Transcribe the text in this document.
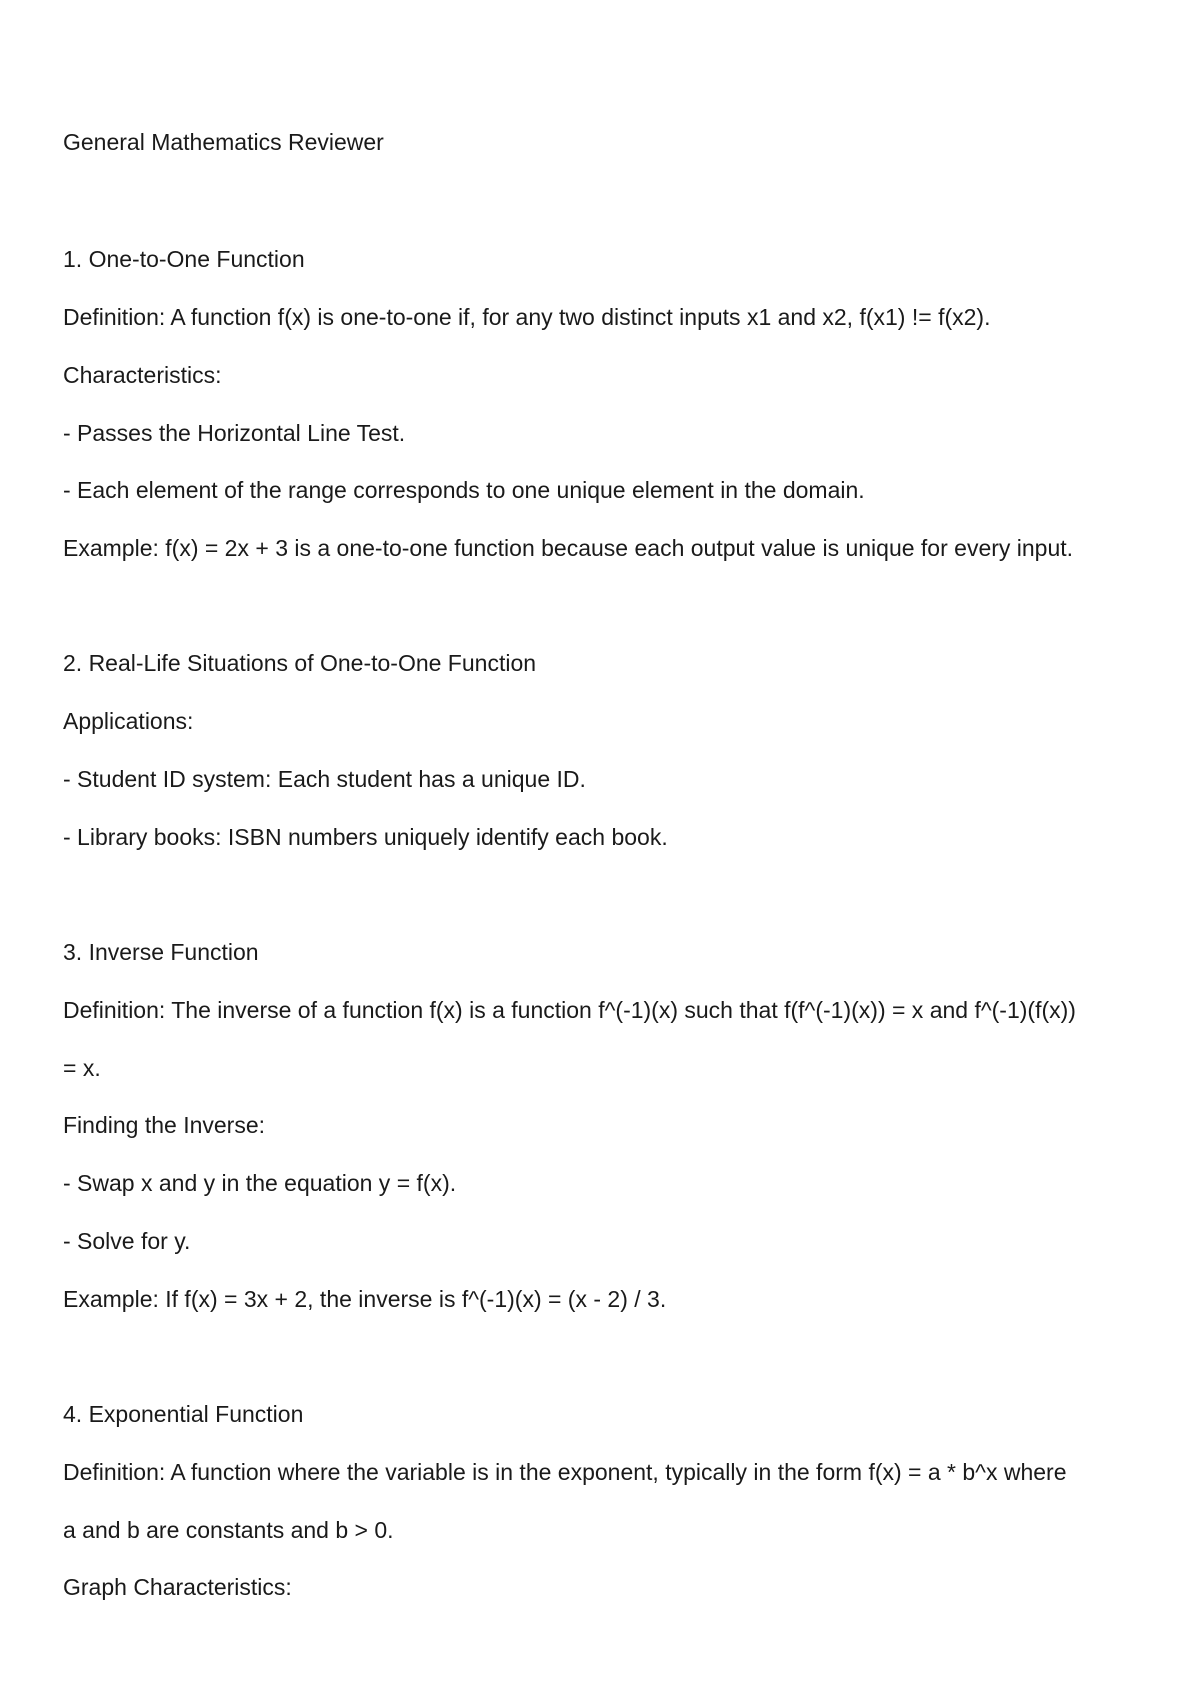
General Mathematics Reviewer
1. One-to-One Function
Definition: A function f(x) is one-to-one if, for any two distinct inputs x1 and x2, f(x1) != f(x2).
Characteristics:
- Passes the Horizontal Line Test.
- Each element of the range corresponds to one unique element in the domain.
Example: f(x) = 2x + 3 is a one-to-one function because each output value is unique for every input.
2. Real-Life Situations of One-to-One Function
Applications:
- Student ID system: Each student has a unique ID.
- Library books: ISBN numbers uniquely identify each book.
3. Inverse Function
Definition: The inverse of a function f(x) is a function f^(-1)(x) such that f(f^(-1)(x)) = x and f^(-1)(f(x))
= x.
Finding the Inverse:
- Swap x and y in the equation y = f(x).
- Solve for y.
Example: If f(x) = 3x + 2, the inverse is f^(-1)(x) = (x - 2) / 3.
4. Exponential Function
Definition: A function where the variable is in the exponent, typically in the form f(x) = a * b^x where
a and b are constants and b > 0.
Graph Characteristics:
